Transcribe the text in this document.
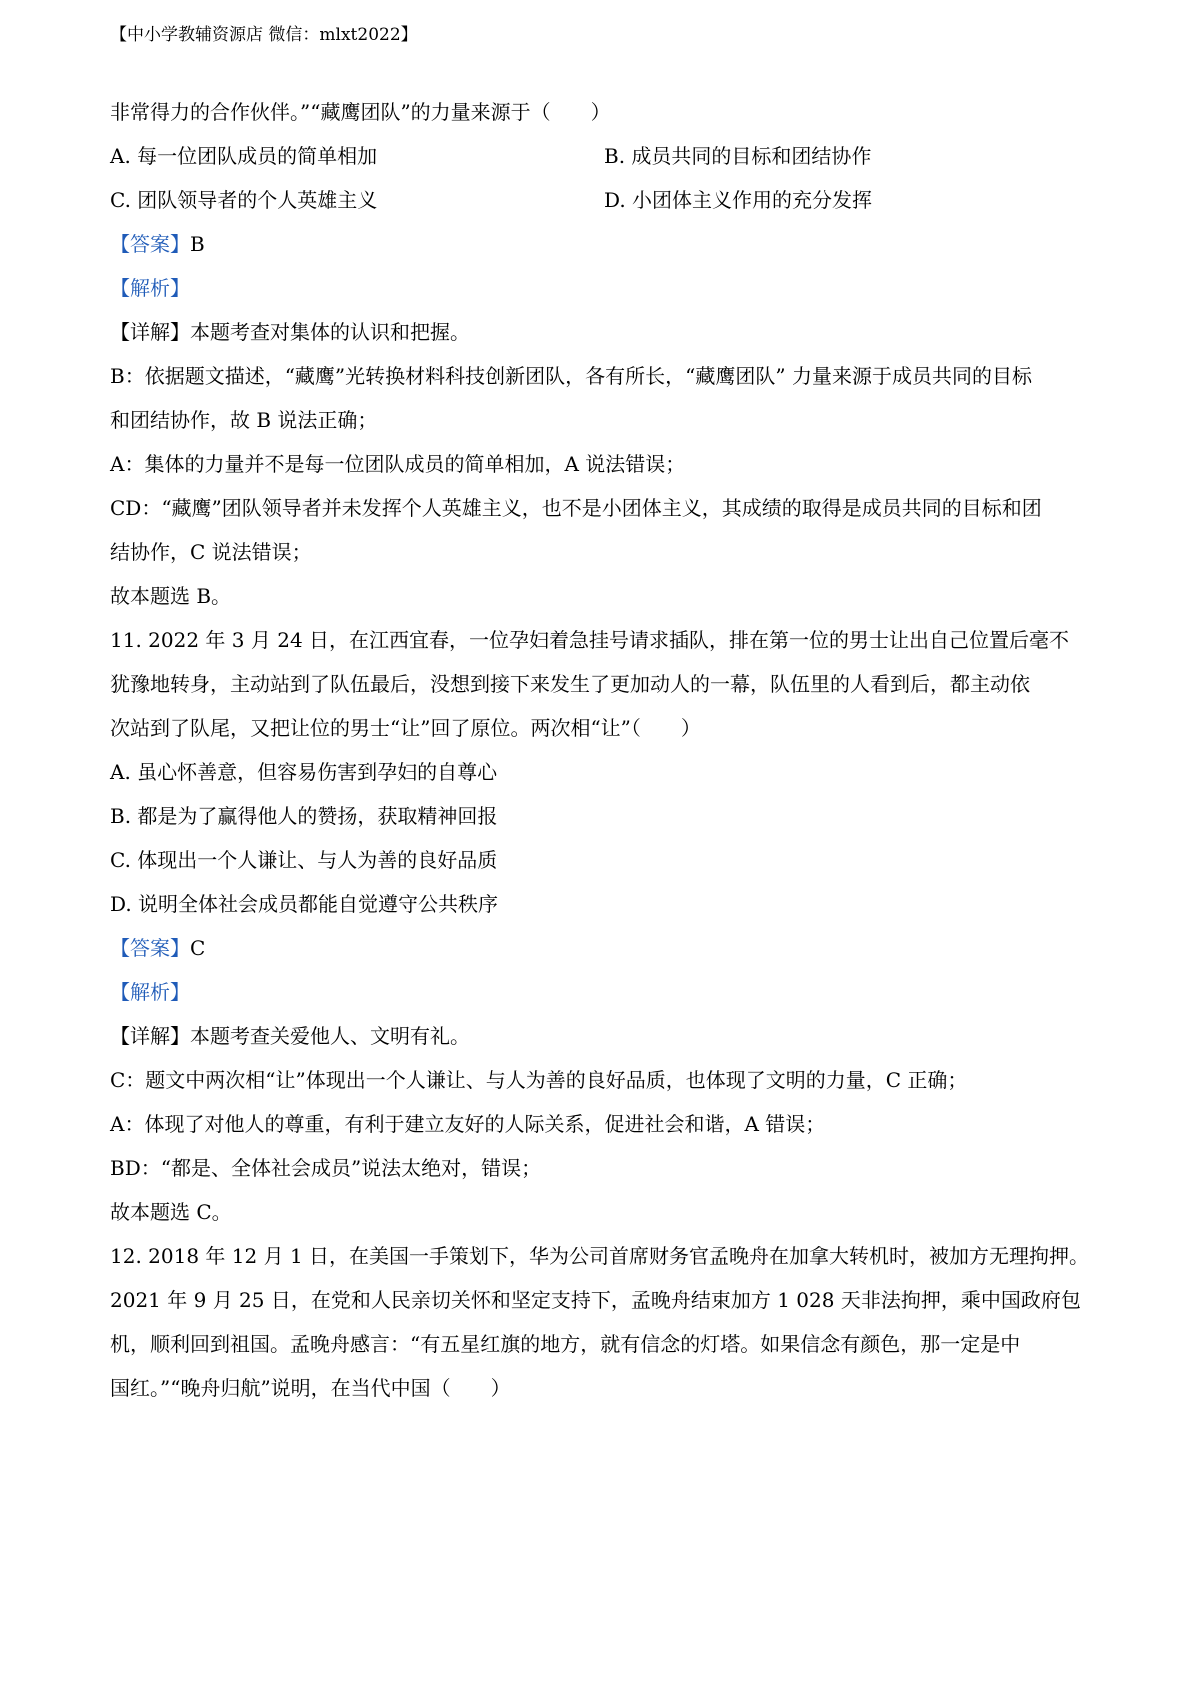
【中小学教辅资源店 微信：mlxt2022】
非常得力的合作伙伴。”“藏鹰团队”的力量来源于（　　）
A. 每一位团队成员的简单相加	B. 成员共同的目标和团结协作
C. 团队领导者的个人英雄主义	D. 小团体主义作用的充分发挥
【答案】B
【解析】
【详解】本题考查对集体的认识和把握。
B：依据题文描述，“藏鹰”光转换材料科技创新团队，各有所长，“藏鹰团队” 力量来源于成员共同的目标
和团结协作，故 B 说法正确；
A：集体的力量并不是每一位团队成员的简单相加，A 说法错误；
CD：“藏鹰”团队领导者并未发挥个人英雄主义，也不是小团体主义，其成绩的取得是成员共同的目标和团
结协作，C 说法错误；
故本题选 B。
11. 2022 年 3 月 24 日，在江西宜春，一位孕妇着急挂号请求插队，排在第一位的男士让出自己位置后毫不
犹豫地转身，主动站到了队伍最后，没想到接下来发生了更加动人的一幕，队伍里的人看到后，都主动依
次站到了队尾，又把让位的男士“让”回了原位。两次相“让”（　　）
A. 虽心怀善意，但容易伤害到孕妇的自尊心
B. 都是为了赢得他人的赞扬，获取精神回报
C. 体现出一个人谦让、与人为善的良好品质
D. 说明全体社会成员都能自觉遵守公共秩序
【答案】C
【解析】
【详解】本题考查关爱他人、文明有礼。
C：题文中两次相“让”体现出一个人谦让、与人为善的良好品质，也体现了文明的力量，C 正确；
A：体现了对他人的尊重，有利于建立友好的人际关系，促进社会和谐，A 错误；
BD：“都是、全体社会成员”说法太绝对，错误；
故本题选 C。
12. 2018 年 12 月 1 日，在美国一手策划下，华为公司首席财务官孟晚舟在加拿大转机时，被加方无理拘押。
2021 年 9 月 25 日，在党和人民亲切关怀和坚定支持下，孟晚舟结束加方 1 028 天非法拘押，乘中国政府包
机，顺利回到祖国。孟晚舟感言：“有五星红旗的地方，就有信念的灯塔。如果信念有颜色，那一定是中
国红。”“晚舟归航”说明，在当代中国（　　）
